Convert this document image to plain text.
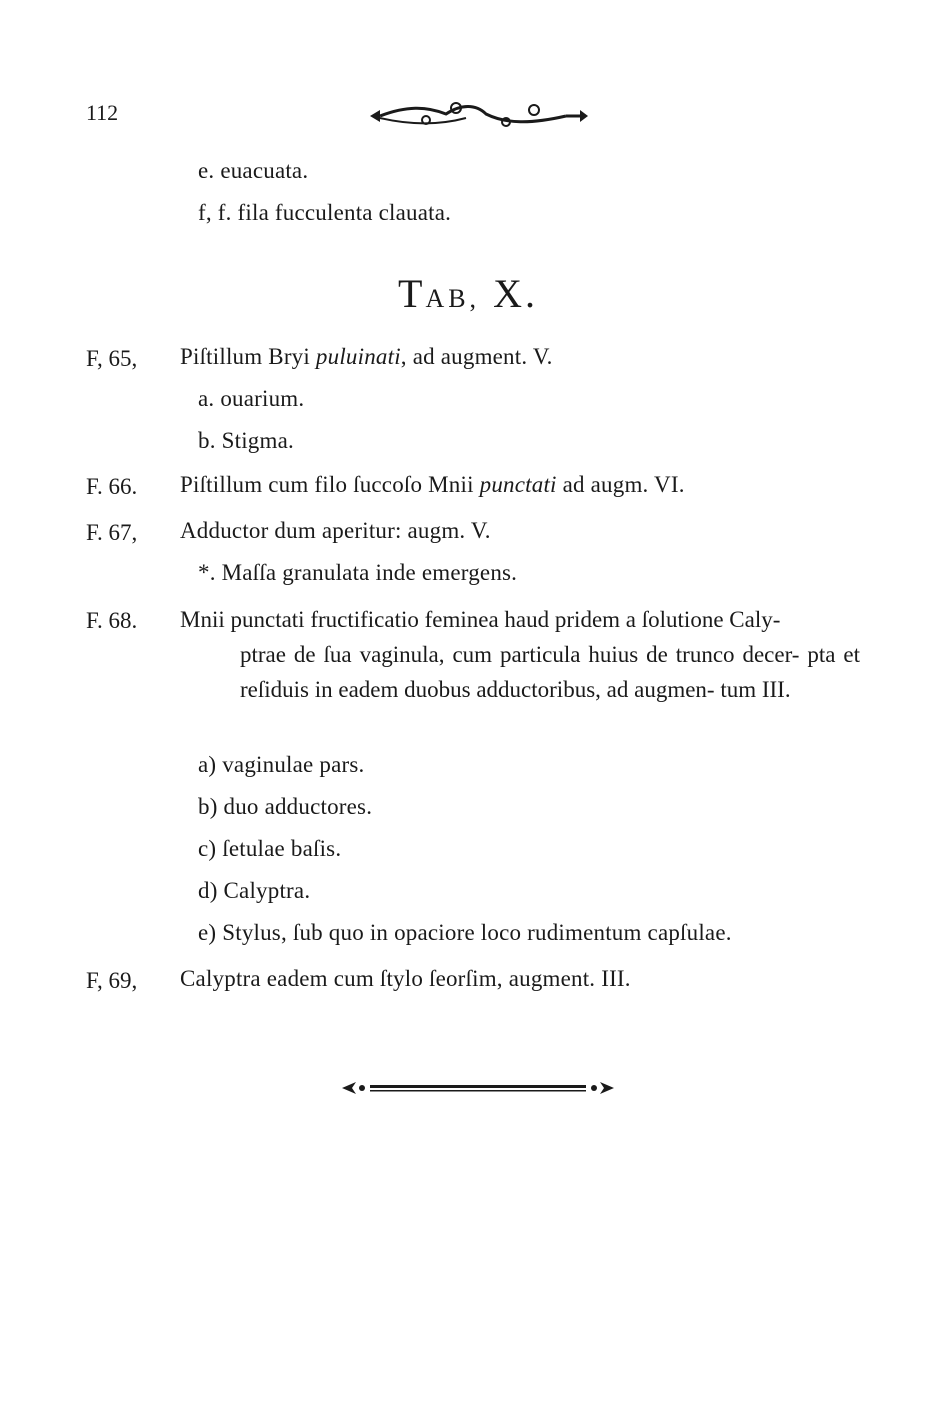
112
e. euacuata.
f, f. fila fucculenta clauata.
TAB, X.
F, 65, Piſtillum Bryi puluinati, ad augment. V.
a. ouarium.
b. Stigma.
F. 66. Piſtillum cum filo ſuccoſo Mnii punctati ad augm. VI.
F. 67, Adductor dum aperitur: augm. V.
*. Maſſa granulata inde emergens.
F. 68. Mnii punctati fructificatio feminea haud pridem a ſolutione Caly-
ptrae de ſua vaginula, cum particula huius de trunco decer- pta et reſiduis in eadem duobus adductoribus, ad augmen- tum III.
a) vaginulae pars.
b) duo adductores.
c) ſetulae baſis.
d) Calyptra.
e) Stylus, ſub quo in opaciore loco rudimentum capſulae.
F, 69, Calyptra eadem cum ſtylo ſeorſim, augment. III.
